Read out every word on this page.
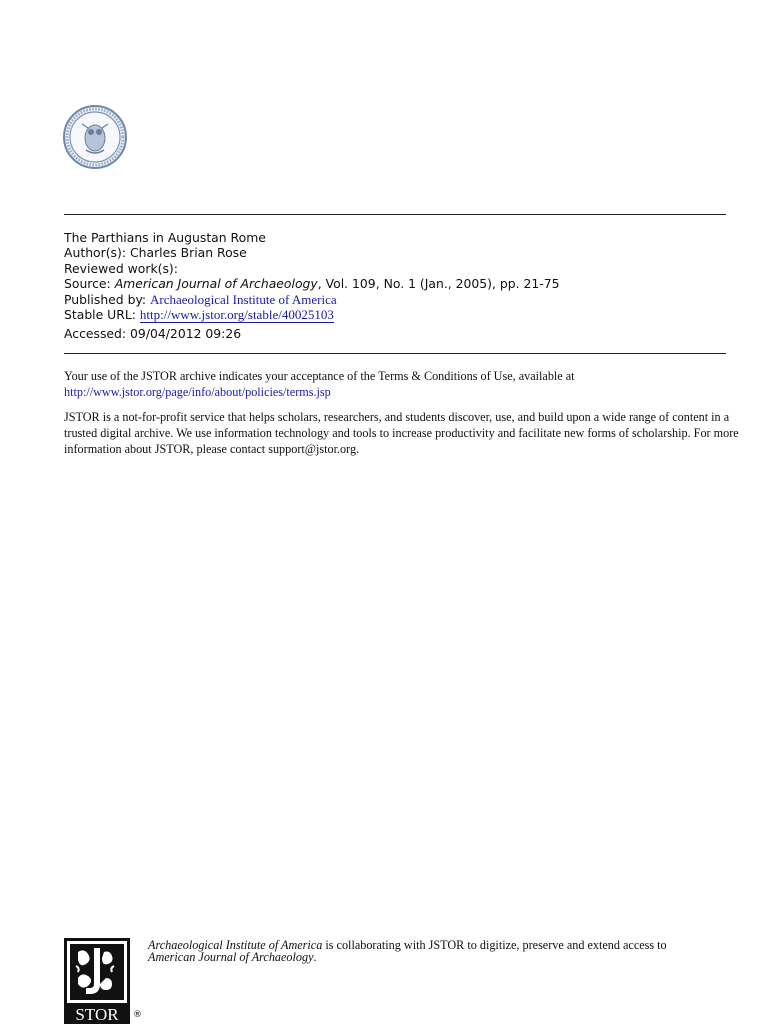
The Parthians in Augustan Rome
Author(s): Charles Brian Rose
Reviewed work(s):
Source: American Journal of Archaeology, Vol. 109, No. 1 (Jan., 2005), pp. 21-75
Published by: Archaeological Institute of America
Stable URL: http://www.jstor.org/stable/40025103
Accessed: 09/04/2012 09:26

Your use of the JSTOR archive indicates your acceptance of the Terms & Conditions of Use, available at
http://www.jstor.org/page/info/about/policies/terms.jsp

JSTOR is a not-for-profit service that helps scholars, researchers, and students discover, use, and build upon a wide range of content in a trusted digital archive. We use information technology and tools to increase productivity and facilitate new forms of scholarship. For more information about JSTOR, please contact support@jstor.org.

STOR ®
Archaeological Institute of America is collaborating with JSTOR to digitize, preserve and extend access to
American Journal of Archaeology.
